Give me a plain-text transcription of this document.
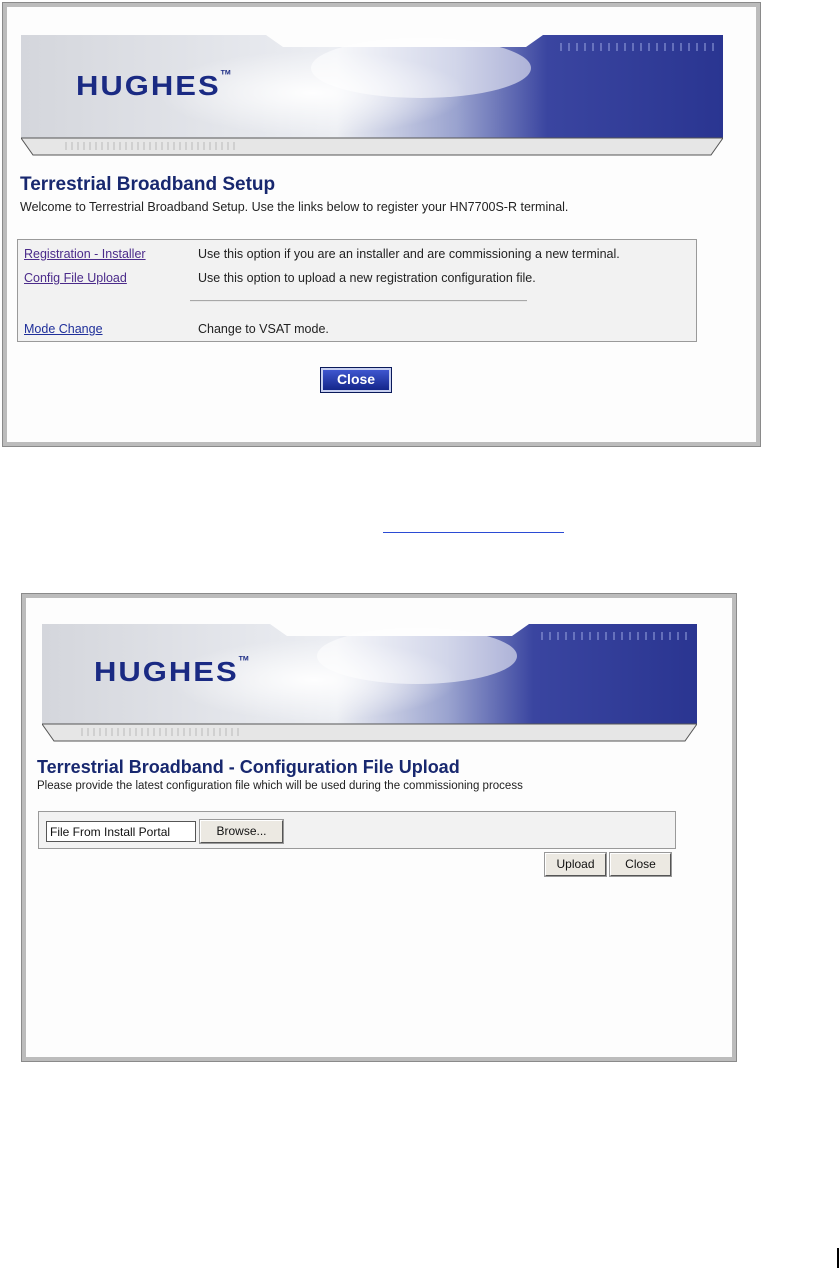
HUGHES™
Terrestrial Broadband Setup
Welcome to Terrestrial Broadband Setup. Use the links below to register your HN7700S-R terminal.
Registration - Installer	Use this option if you are an installer and are commissioning a new terminal.
Config File Upload	Use this option to upload a new registration configuration file.
Mode Change	Change to VSAT mode.
Close
HUGHES™
Terrestrial Broadband - Configuration File Upload
Please provide the latest configuration file which will be used during the commissioning process
File From Install Portal
Browse...
Upload	Close
